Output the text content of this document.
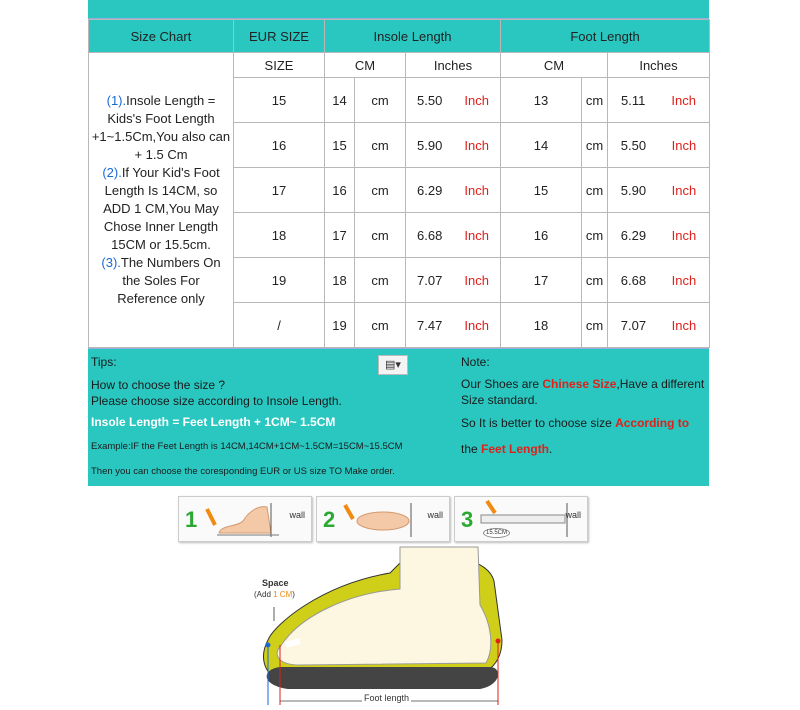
Size Chart	EUR SIZE	Insole Length			Foot Length		
(1).Insole Length = Kids's Foot Length +1~1.5Cm,You also can + 1.5 Cm
(2).If Your Kid's Foot Length Is 14CM, so ADD 1 CM,You May Chose Inner Length 15CM or 15.5cm.
(3).The Numbers On the Soles For Reference only	SIZE	CM		Inches	CM		Inches
	15	14	cm	5.50 Inch	13	cm	5.11 Inch

	16	15	cm	5.90 Inch	14	cm	5.50 Inch

	17	16	cm	6.29 Inch	15	cm	5.90 Inch

	18	17	cm	6.68 Inch	16	cm	6.29 Inch

	19	18	cm	7.07 Inch	17	cm	6.68 Inch

	/	19	cm	7.47 Inch	18	cm	7.07 Inch
Tips:	▤▾
How to choose the size ?
Please choose size according to Insole Length.
Insole Length = Feet Length + 1CM~ 1.5CM
Example:IF the Feet Length is 14CM,14CM+1CM~1.5CM=15CM~15.5CM
Then you can choose the coresponding EUR or US size TO Make order.
Note:
Our Shoes are Chinese Size,Have a different
Size standard.
So It is better to choose size According to
the Feet Length.
1	wall 2	wall 3
15.5CM
wall
Space
(Add 1 CM)
Foot length
